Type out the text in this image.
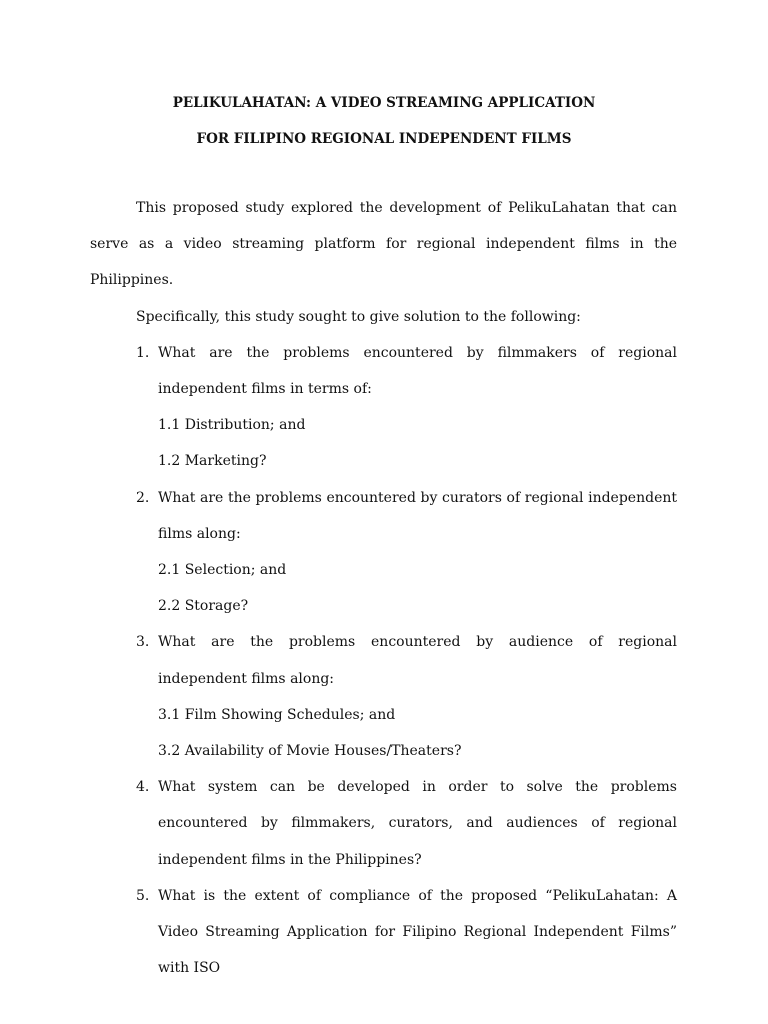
PELIKULAHATAN: A VIDEO STREAMING APPLICATION
FOR FILIPINO REGIONAL INDEPENDENT FILMS

This proposed study explored the development of PelikuLahatan that can serve as a video streaming platform for regional independent films in the Philippines.

Specifically, this study sought to give solution to the following:

1. What are the problems encountered by filmmakers of regional independent films in terms of:

1.1 Distribution; and

1.2 Marketing?

2. What are the problems encountered by curators of regional independent films along:

2.1 Selection; and

2.2 Storage?

3. What are the problems encountered by audience of regional independent films along:

3.1 Film Showing Schedules; and

3.2 Availability of Movie Houses/Theaters?

4. What system can be developed in order to solve the problems encountered by filmmakers, curators, and audiences of regional independent films in the Philippines?
5. What is the extent of compliance of the proposed “PelikuLahatan: A Video Streaming Application for Filipino Regional Independent Films” with ISO
